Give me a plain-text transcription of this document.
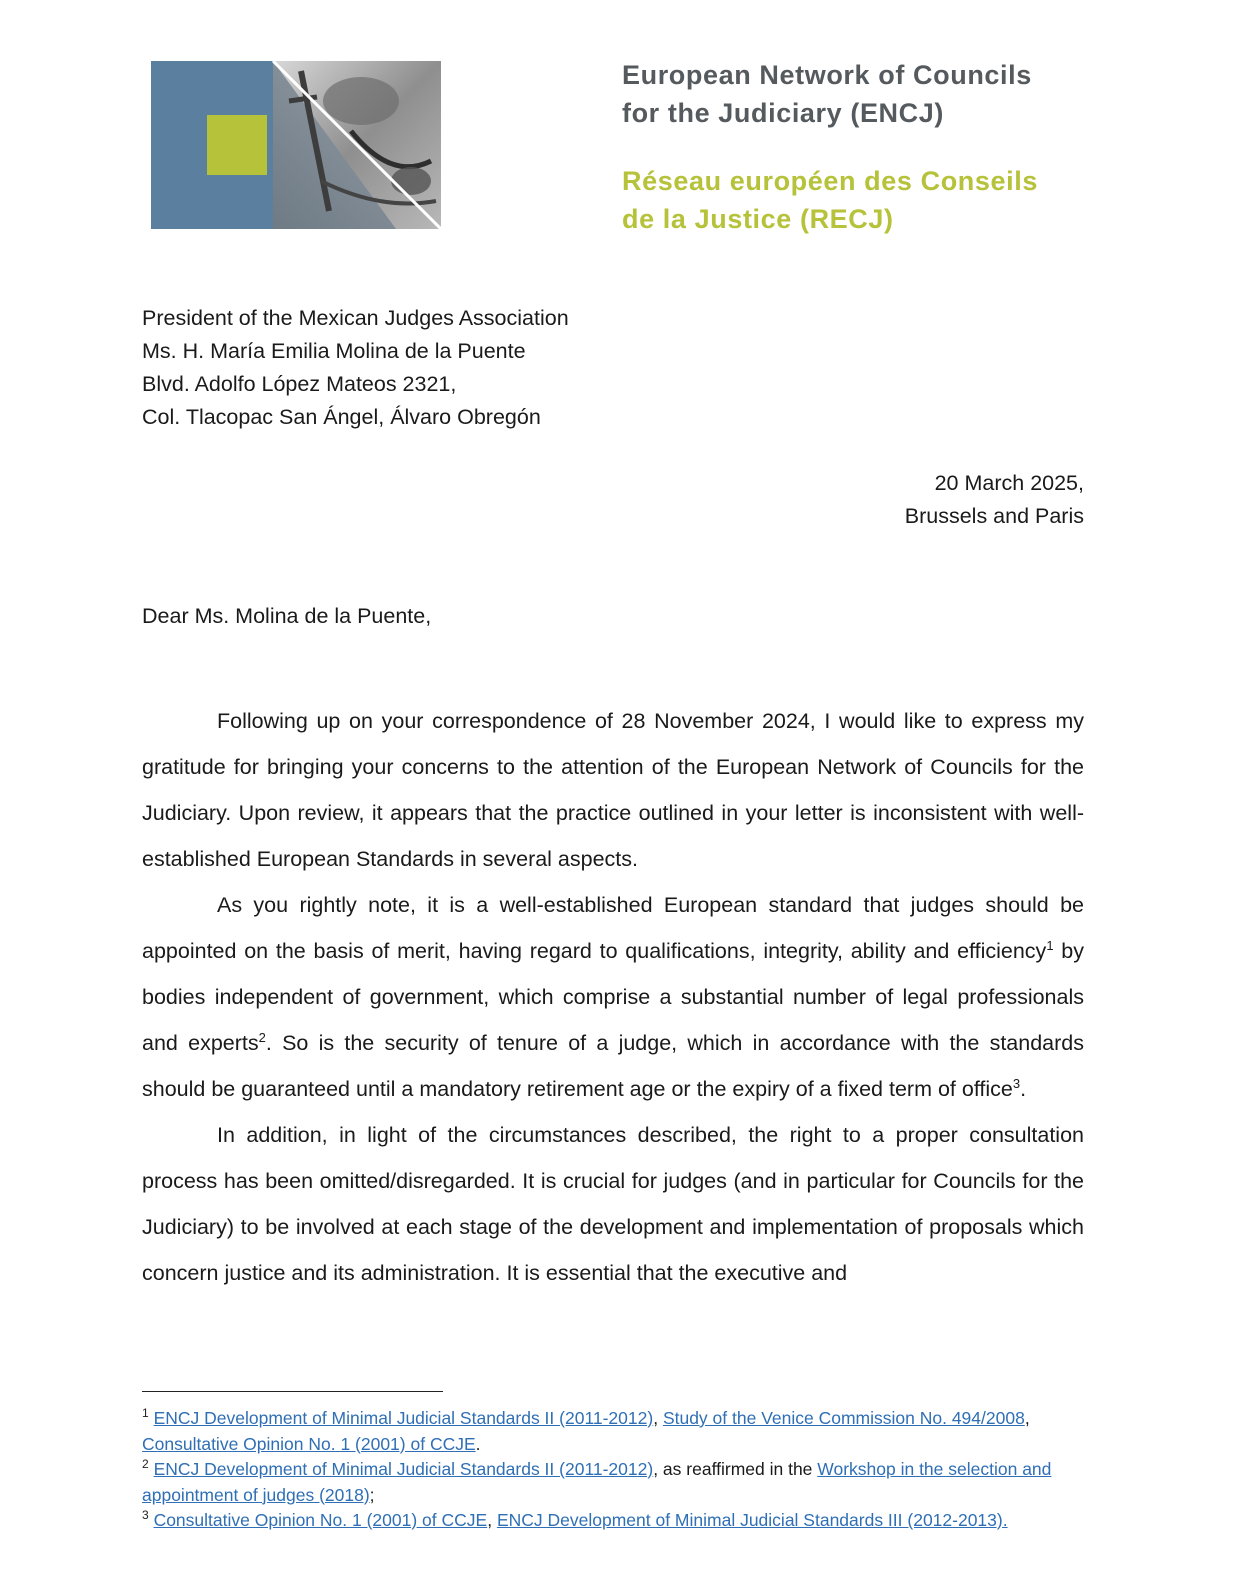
European Network of Councils
for the Judiciary (ENCJ)
Réseau européen des Conseils
de la Justice (RECJ)
President of the Mexican Judges Association
Ms. H. María Emilia Molina de la Puente
Blvd. Adolfo López Mateos 2321,
Col. Tlacopac San Ángel, Álvaro Obregón
20 March 2025,
Brussels and Paris
Dear Ms. Molina de la Puente,

Following up on your correspondence of 28 November 2024, I would like to express my gratitude for bringing your concerns to the attention of the European Network of Councils for the Judiciary. Upon review, it appears that the practice outlined in your letter is inconsistent with well-established European Standards in several aspects.

As you rightly note, it is a well-established European standard that judges should be appointed on the basis of merit, having regard to qualifications, integrity, ability and efficiency$^1$ by bodies independent of government, which comprise a substantial number of legal professionals and experts$^2$. So is the security of tenure of a judge, which in accordance with the standards should be guaranteed until a mandatory retirement age or the expiry of a fixed term of office$^3$.

In addition, in light of the circumstances described, the right to a proper consultation process has been omitted/disregarded. It is crucial for judges (and in particular for Councils for the Judiciary) to be involved at each stage of the development and implementation of proposals which concern justice and its administration. It is essential that the executive and

$^1$ ENCJ Development of Minimal Judicial Standards II (2011-2012), Study of the Venice Commission No. 494/2008, Consultative Opinion No. 1 (2001) of CCJE.
$^2$ ENCJ Development of Minimal Judicial Standards II (2011-2012), as reaffirmed in the Workshop in the selection and appointment of judges (2018);
$^3$ Consultative Opinion No. 1 (2001) of CCJE, ENCJ Development of Minimal Judicial Standards III (2012-2013).
